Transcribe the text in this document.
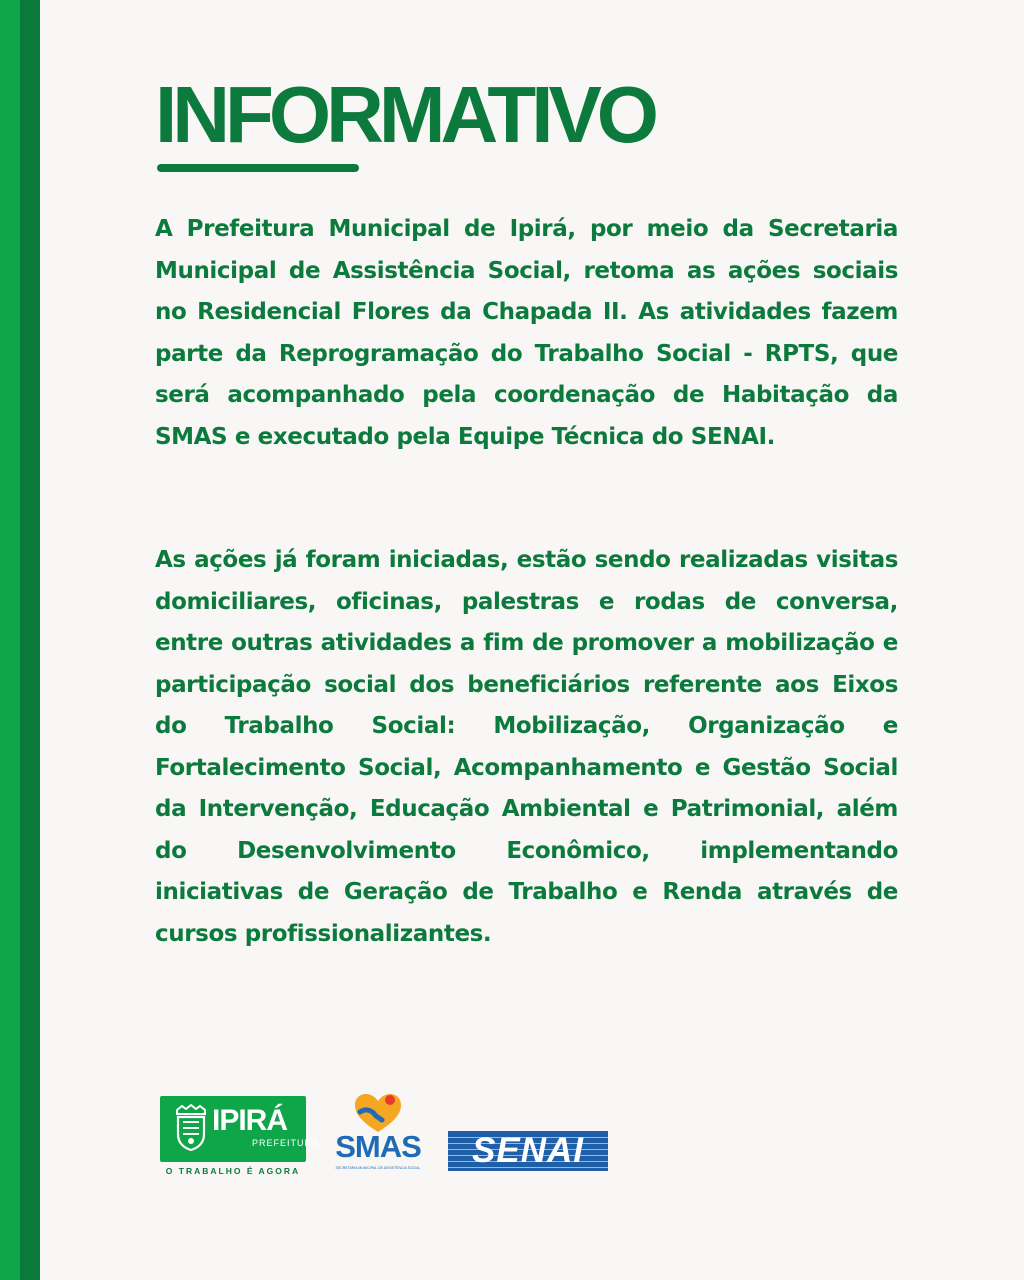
INFORMATIVO

A Prefeitura Municipal de Ipirá, por meio da Secretaria Municipal de Assistência Social, retoma as ações sociais no Residencial Flores da Chapada II. As atividades fazem parte da Reprogramação do Trabalho Social - RPTS, que será acompanhado pela coordenação de Habitação da SMAS e executado pela Equipe Técnica do SENAI.

As ações já foram iniciadas, estão sendo realizadas visitas domiciliares, oficinas, palestras e rodas de conversa, entre outras atividades a fim de promover a mobilização e participação social dos beneficiários referente aos Eixos do Trabalho Social: Mobilização, Organização e Fortalecimento Social, Acompanhamento e Gestão Social da Intervenção, Educação Ambiental e Patrimonial, além do Desenvolvimento Econômico, implementando iniciativas de Geração de Trabalho e Renda através de cursos profissionalizantes.

IPIRÁ
PREFEITURA
O TRABALHO É AGORA
SMAS
SECRETARIA MUNICIPAL DE ASSISTÊNCIA SOCIAL	SENAI
